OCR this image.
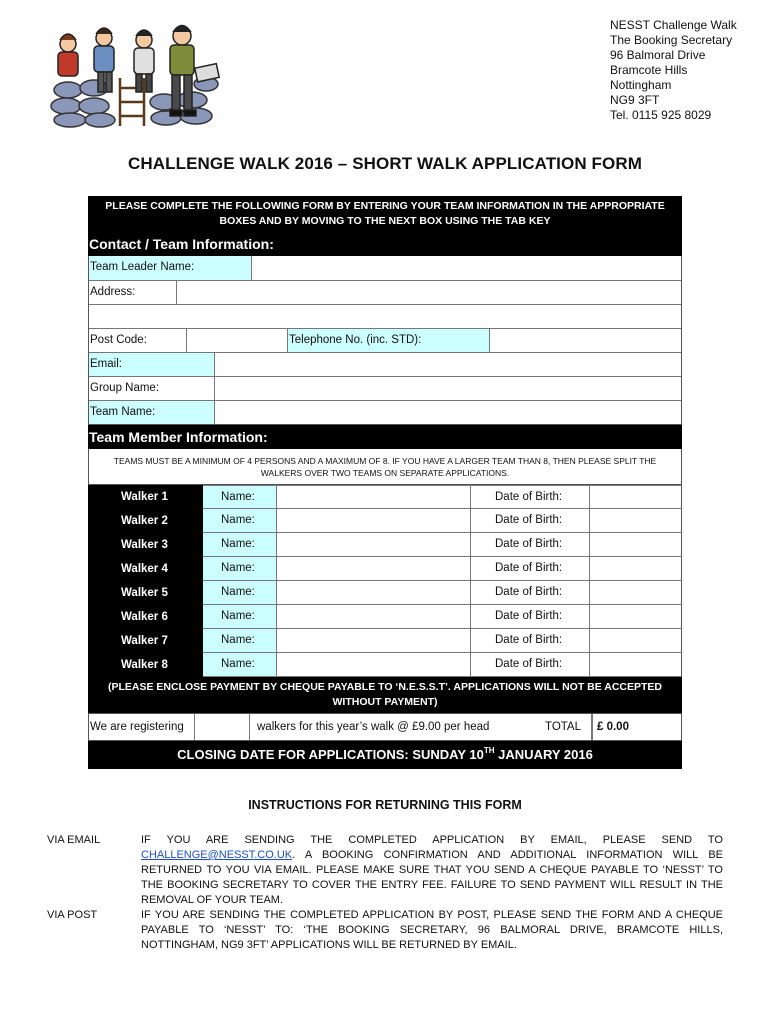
NESST Challenge Walk
The Booking Secretary
96 Balmoral Drive
Bramcote Hills
Nottingham
NG9 3FT
Tel. 0115 925 8029
CHALLENGE WALK 2016 – SHORT WALK APPLICATION FORM
PLEASE COMPLETE THE FOLLOWING FORM BY ENTERING YOUR TEAM INFORMATION IN THE APPROPRIATE BOXES AND BY MOVING TO THE NEXT BOX USING THE TAB KEY
Contact / Team Information:
Team Leader Name:
Address:
Post Code:	Telephone No. (inc. STD):
Email:
Group Name:
Team Name:
Team Member Information:
TEAMS MUST BE A MINIMUM OF 4 PERSONS AND A MAXIMUM OF 8. IF YOU HAVE A LARGER TEAM THAN 8, THEN PLEASE SPLIT THE WALKERS OVER TWO TEAMS ON SEPARATE APPLICATIONS.
Walker 1	Name:	Date of Birth:
Walker 2	Name:	Date of Birth:
Walker 3	Name:	Date of Birth:
Walker 4	Name:	Date of Birth:
Walker 5	Name:	Date of Birth:
Walker 6	Name:	Date of Birth:
Walker 7	Name:	Date of Birth:
Walker 8	Name:	Date of Birth:
(PLEASE ENCLOSE PAYMENT BY CHEQUE PAYABLE TO ‘N.E.S.S.T’. APPLICATIONS WILL NOT BE ACCEPTED WITHOUT PAYMENT)
We are registering	walkers for this year’s walk @ £9.00 per head	TOTAL	£ 0.00
CLOSING DATE FOR APPLICATIONS: SUNDAY 10TH JANUARY 2016
INSTRUCTIONS FOR RETURNING THIS FORM
VIA EMAIL	IF YOU ARE SENDING THE COMPLETED APPLICATION BY EMAIL, PLEASE SEND TO CHALLENGE@NESST.CO.UK. A BOOKING CONFIRMATION AND ADDITIONAL INFORMATION WILL BE RETURNED TO YOU VIA EMAIL. PLEASE MAKE SURE THAT YOU SEND A CHEQUE PAYABLE TO ‘NESST’ TO THE BOOKING SECRETARY TO COVER THE ENTRY FEE. FAILURE TO SEND PAYMENT WILL RESULT IN THE REMOVAL OF YOUR TEAM.
VIA POST	IF YOU ARE SENDING THE COMPLETED APPLICATION BY POST, PLEASE SEND THE FORM AND A CHEQUE PAYABLE TO ‘NESST’ TO: ‘THE BOOKING SECRETARY, 96 BALMORAL DRIVE, BRAMCOTE HILLS, NOTTINGHAM, NG9 3FT’ APPLICATIONS WILL BE RETURNED BY EMAIL.
